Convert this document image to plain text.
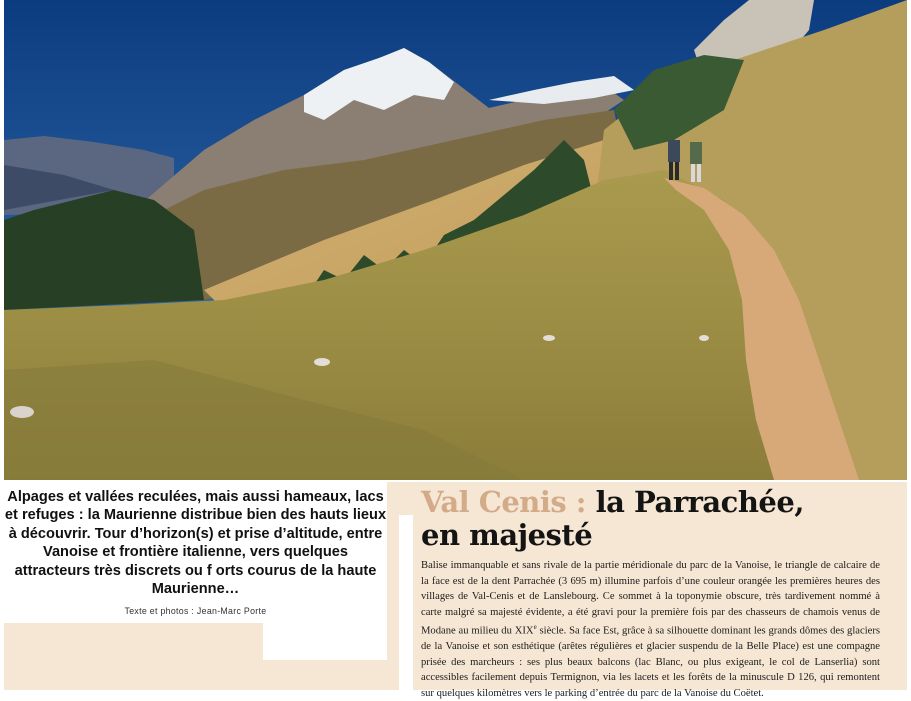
Alpages et vallées reculées, mais aussi hameaux, lacs et refuges : la Maurienne distribue bien des hauts lieux à découvrir. Tour d’horizon(s) et prise d’altitude, entre Vanoise et frontière italienne, vers quelques attracteurs très discrets ou f orts courus de la haute Maurienne…

Texte et photos : Jean-Marc Porte

Val Cenis : la Parrachée,
en majesté

Balise immanquable et sans rivale de la partie méridionale du parc de la Vanoise, le triangle de calcaire de la face est de la dent Parrachée (3 695 m) illumine parfois d’une couleur orangée les premières heures des villages de Val-Cenis et de Lanslebourg. Ce sommet à la toponymie obscure, très tardivement nommé à carte malgré sa majesté évidente, a été gravi pour la première fois par des chasseurs de chamois venus de Modane au milieu du XIXe siècle. Sa face Est, grâce à sa silhouette dominant les grands dômes des glaciers de la Vanoise et son esthétique (arêtes régulières et glacier suspendu de la Belle Place) est une compagne prisée des marcheurs : ses plus beaux balcons (lac Blanc, ou plus exigeant, le col de Lanserlia) sont accessibles facilement depuis Termignon, via les lacets et les forêts de la minuscule D 126, qui remontent sur quelques kilomètres vers le parking d’entrée du parc de la Vanoise du Coëtet.
